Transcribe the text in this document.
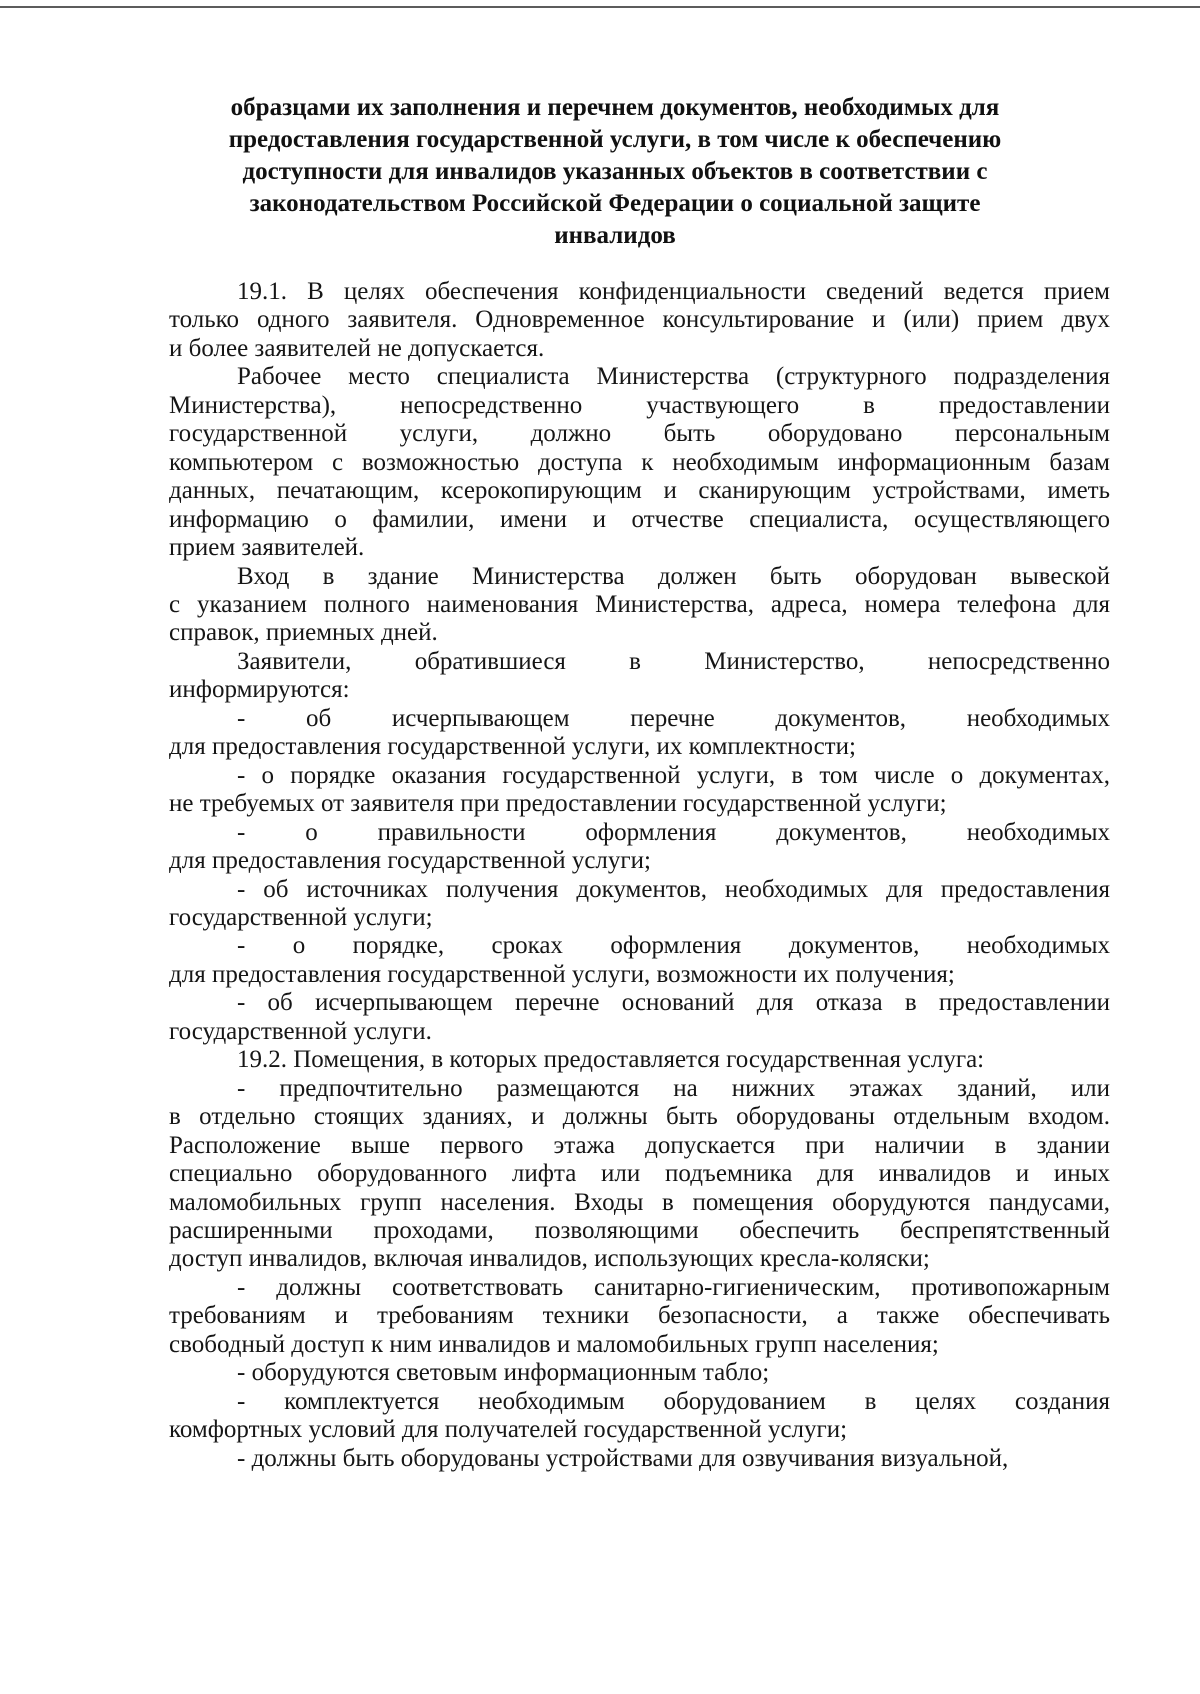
образцами их заполнения и перечнем документов, необходимых для
предоставления государственной услуги, в том числе к обеспечению
доступности для инвалидов указанных объектов в соответствии с
законодательством Российской Федерации о социальной защите
инвалидов
19.1. В целях обеспечения конфиденциальности сведений ведется прием
только одного заявителя. Одновременное консультирование и (или) прием двух
и более заявителей не допускается.
Рабочее место специалиста Министерства (структурного подразделения
Министерства), непосредственно участвующего в предоставлении
государственной услуги, должно быть оборудовано персональным
компьютером с возможностью доступа к необходимым информационным базам
данных, печатающим, ксерокопирующим и сканирующим устройствами, иметь
информацию о фамилии, имени и отчестве специалиста, осуществляющего
прием заявителей.
Вход в здание Министерства должен быть оборудован вывеской
с указанием полного наименования Министерства, адреса, номера телефона для
справок, приемных дней.
Заявители, обратившиеся в Министерство, непосредственно
информируются:
- об исчерпывающем перечне документов, необходимых
для предоставления государственной услуги, их комплектности;
- о порядке оказания государственной услуги, в том числе о документах,
не требуемых от заявителя при предоставлении государственной услуги;
- о правильности оформления документов, необходимых
для предоставления государственной услуги;
- об источниках получения документов, необходимых для предоставления
государственной услуги;
- о порядке, сроках оформления документов, необходимых
для предоставления государственной услуги, возможности их получения;
- об исчерпывающем перечне оснований для отказа в предоставлении
государственной услуги.
19.2. Помещения, в которых предоставляется государственная услуга:
- предпочтительно размещаются на нижних этажах зданий, или
в отдельно стоящих зданиях, и должны быть оборудованы отдельным входом.
Расположение выше первого этажа допускается при наличии в здании
специально оборудованного лифта или подъемника для инвалидов и иных
маломобильных групп населения. Входы в помещения оборудуются пандусами,
расширенными проходами, позволяющими обеспечить беспрепятственный
доступ инвалидов, включая инвалидов, использующих кресла-коляски;
- должны соответствовать санитарно-гигиеническим, противопожарным
требованиям и требованиям техники безопасности, а также обеспечивать
свободный доступ к ним инвалидов и маломобильных групп населения;
- оборудуются световым информационным табло;
- комплектуется необходимым оборудованием в целях создания
комфортных условий для получателей государственной услуги;
- должны быть оборудованы устройствами для озвучивания визуальной,
